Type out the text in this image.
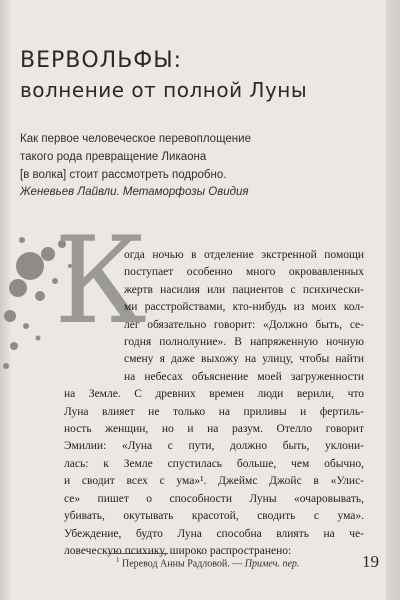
ВЕРВОЛЬФЫ:
волнение от полной Луны
Как первое человеческое перевоплощение
такого рода превращение Ликаона
[в волка] стоит рассмотреть подробно.
Женевьев Лайвли. Метаморфозы Овидия
К
огда ночью в отделение экстренной помощи
поступает особенно много окровавленных
жертв насилия или пациентов с психически-
ми расстройствами, кто-нибудь из моих кол-
лег обязательно говорит: «Должно быть, се-
годня полнолуние». В напряженную ночную
смену я даже выхожу на улицу, чтобы найти
на небесах объяснение моей загруженности
на Земле. С древних времен люди верили, что
Луна влияет не только на приливы и фертиль-
ность женщин, но и на разум. Отелло говорит
Эмилии: «Луна с пути, должно быть, уклони-
лась: к Земле спустилась больше, чем обычно,
и сводит всех с ума»¹. Джеймс Джойс в «Улис-
се» пишет о способности Луны «очаровывать,
убивать, окутывать красотой, сводить с ума».
Убеждение, будто Луна способна влиять на че-
ловеческую психику, широко распространено:
$^1$ Перевод Анны Радловой. — Примеч. пер.	19
